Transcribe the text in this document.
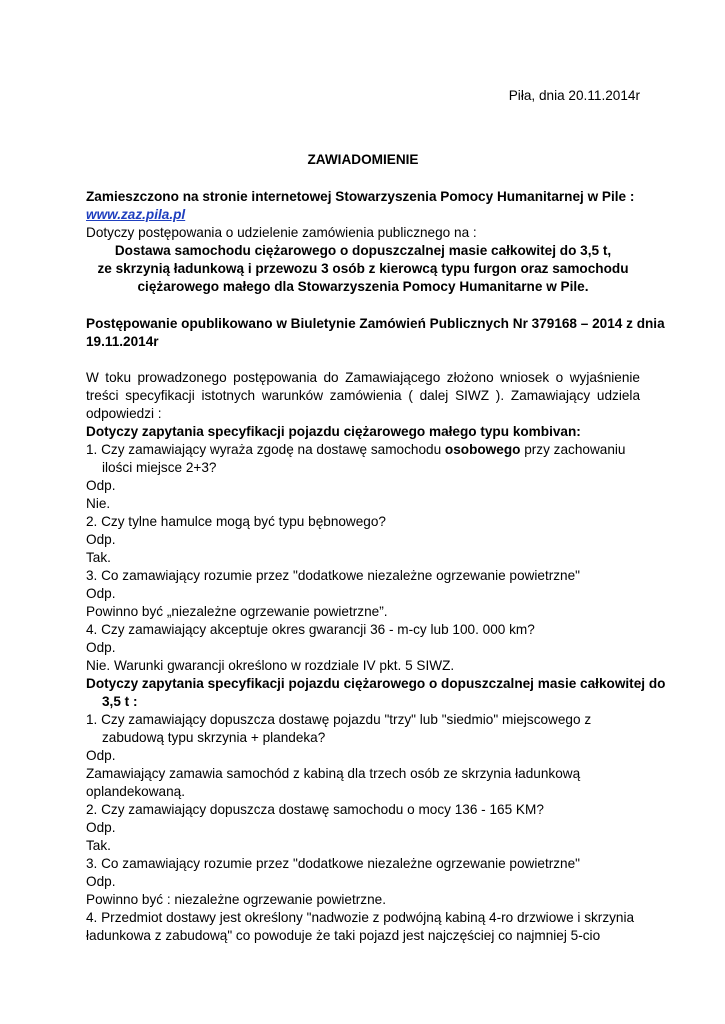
Piła, dnia 20.11.2014r
ZAWIADOMIENIE
Zamieszczono na stronie internetowej Stowarzyszenia Pomocy Humanitarnej w Pile :
www.zaz.pila.pl
Dotyczy postępowania o udzielenie zamówienia publicznego na :
Dostawa samochodu ciężarowego o dopuszczalnej masie całkowitej do 3,5 t,
ze skrzynią ładunkową i przewozu 3 osób z kierowcą typu furgon oraz samochodu
ciężarowego małego dla Stowarzyszenia Pomocy Humanitarne w Pile.
Postępowanie opublikowano w Biuletynie Zamówień Publicznych Nr 379168 – 2014 z dnia
19.11.2014r
W toku prowadzonego postępowania do Zamawiającego złożono wniosek o wyjaśnienie
treści specyfikacji istotnych warunków zamówienia ( dalej SIWZ ). Zamawiający udziela
odpowiedzi :
Dotyczy zapytania specyfikacji pojazdu ciężarowego małego typu kombivan:
1. Czy zamawiający wyraża zgodę na dostawę samochodu osobowego przy zachowaniu
ilości miejsce 2+3?
Odp.
Nie.
2. Czy tylne hamulce mogą być typu bębnowego?
Odp.
Tak.
3. Co zamawiający rozumie przez "dodatkowe niezależne ogrzewanie powietrzne"
Odp.
Powinno być „niezależne ogrzewanie powietrzne”.
4. Czy zamawiający akceptuje okres gwarancji 36 - m-cy lub 100. 000 km?
Odp.
Nie. Warunki gwarancji określono w rozdziale IV pkt. 5 SIWZ.
Dotyczy zapytania specyfikacji pojazdu ciężarowego o dopuszczalnej masie całkowitej do
3,5 t :
1. Czy zamawiający dopuszcza dostawę pojazdu "trzy" lub "siedmio" miejscowego z
zabudową typu skrzynia + plandeka?
Odp.
Zamawiający zamawia samochód z kabiną dla trzech osób ze skrzynia ładunkową
oplandekowaną.
2. Czy zamawiający dopuszcza dostawę samochodu o mocy 136 - 165 KM?
Odp.
Tak.
3. Co zamawiający rozumie przez "dodatkowe niezależne ogrzewanie powietrzne"
Odp.
Powinno być : niezależne ogrzewanie powietrzne.
4. Przedmiot dostawy jest określony "nadwozie z podwójną kabiną 4-ro drzwiowe i skrzynia
ładunkowa z zabudową" co powoduje że taki pojazd jest najczęściej co najmniej 5-cio
